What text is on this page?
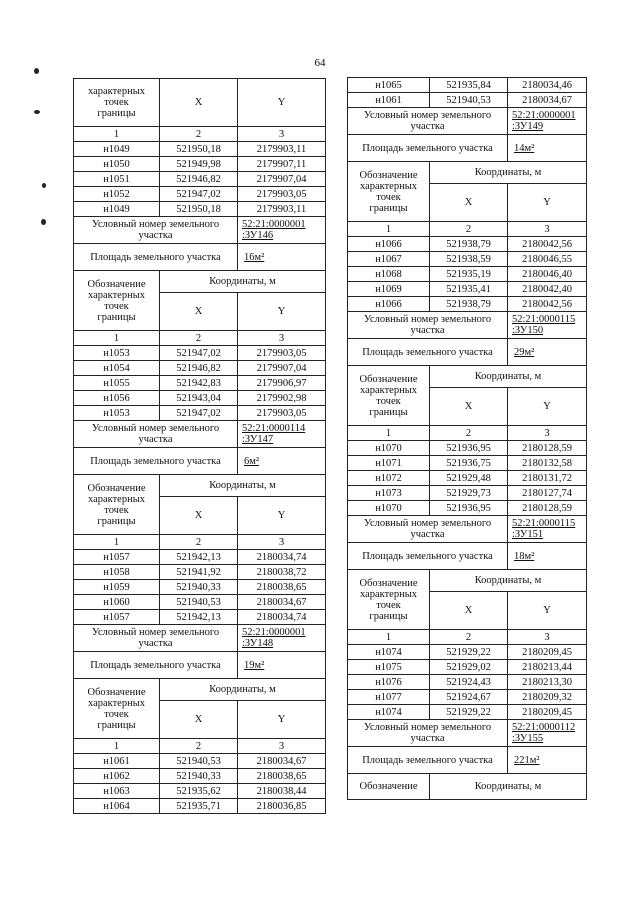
64
характерных
точек
границы	X	Y
1	2	3
н1049	521950,18	2179903,11
н1050	521949,98	2179907,11
н1051	521946,82	2179907,04
н1052	521947,02	2179903,05
н1049	521950,18	2179903,11
Условный номер земельного участка		52:21:0000001 :ЗУ146
Площадь земельного участка		16м²

Обозначение
характерных
точек
границы	Координаты, м	
	X	Y
1	2	3
н1053	521947,02	2179903,05
н1054	521946,82	2179907,04
н1055	521942,83	2179906,97
н1056	521943,04	2179902,98
н1053	521947,02	2179903,05
Условный номер земельного участка		52:21:0000114 :ЗУ147
Площадь земельного участка		6м²

Обозначение
характерных
точек
границы	Координаты, м	
	X	Y
1	2	3
н1057	521942,13	2180034,74
н1058	521941,92	2180038,72
н1059	521940,33	2180038,65
н1060	521940,53	2180034,67
н1057	521942,13	2180034,74
Условный номер земельного участка		52:21:0000001 :ЗУ148
Площадь земельного участка		19м²

Обозначение
характерных
точек
границы	Координаты, м	
	X	Y
1	2	3
н1061	521940,53	2180034,67
н1062	521940,33	2180038,65
н1063	521935,62	2180038,44
н1064	521935,71	2180036,85
н1065	521935,84	2180034,46
н1061	521940,53	2180034,67
Условный номер земельного участка		52:21:0000001 :ЗУ149
Площадь земельного участка		14м²

Обозначение
характерных
точек
границы	Координаты, м	
	X	Y
1	2	3
н1066	521938,79	2180042,56
н1067	521938,59	2180046,55
н1068	521935,19	2180046,40
н1069	521935,41	2180042,40
н1066	521938,79	2180042,56
Условный номер земельного участка		52:21:0000115 :ЗУ150
Площадь земельного участка		29м²

Обозначение
характерных
точек
границы	Координаты, м	
	X	Y
1	2	3
н1070	521936,95	2180128,59
н1071	521936,75	2180132,58
н1072	521929,48	2180131,72
н1073	521929,73	2180127,74
н1070	521936,95	2180128,59
Условный номер земельного участка		52:21:0000115 :ЗУ151
Площадь земельного участка		18м²

Обозначение
характерных
точек
границы	Координаты, м	
	X	Y
1	2	3
н1074	521929,22	2180209,45
н1075	521929,02	2180213,44
н1076	521924,43	2180213,30
н1077	521924,67	2180209,32
н1074	521929,22	2180209,45
Условный номер земельного участка		52:21:0000112 :ЗУ155
Площадь земельного участка		221м²
Обозначение	Координаты, м	
